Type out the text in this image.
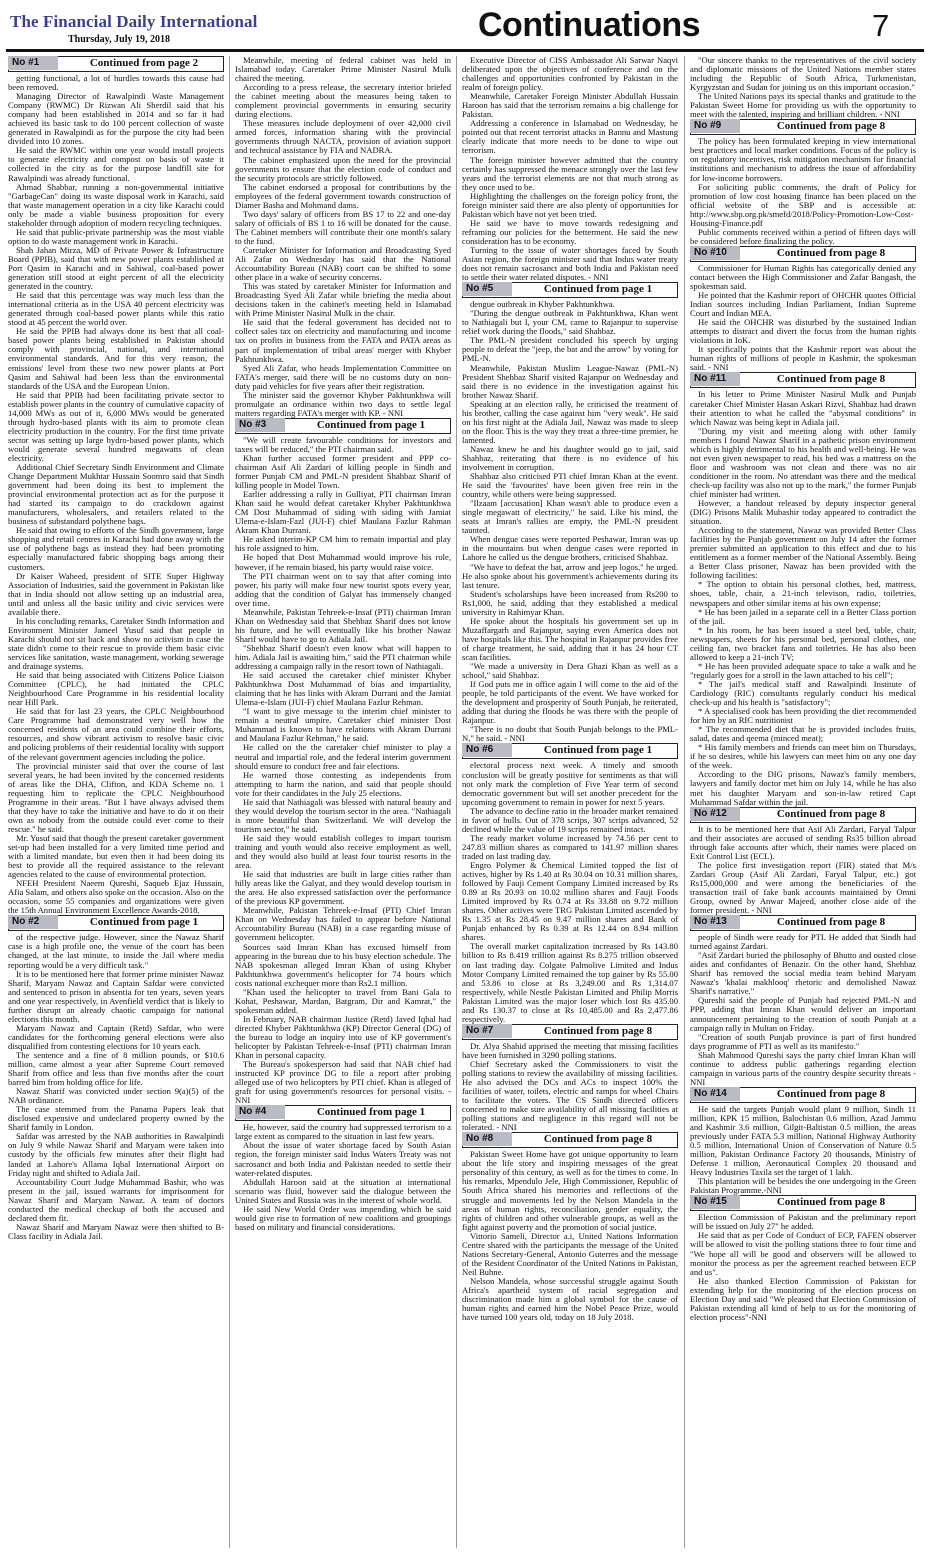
The Financial Daily International
Thursday, July 19, 2018	Continuations	7
No #1	Continued from page 2

getting functional, a lot of hurdles towards this cause had been removed.

Managing Director of Rawalpindi Waste Management Company (RWMC) Dr Rizwan Ali Sherdil said that his company had been established in 2014 and so far it had achieved its basic task to do 100 percent collection of waste generated in Rawalpindi as for the purpose the city had been divided into 10 zones.

He said the RWMC within one year would install projects to generate electricity and compost on basis of waste it collected in the city as for the purpose landfill site for Rawalpindi was already functional.

Ahmad Shabbar, running a non-governmental initiative "GarbageCan" doing its waste disposal work in Karachi, said that waste management operation in a city like Karachi could only be made a viable business proposition for every stakeholder through adoption of modern recycling techniques.

He said that public-private partnership was the most viable option to do waste management work in Karachi.

Shah Jahan Mirza, MD of Private Power & Infrastructure Board (PPIB), said that with new power plants established at Port Qasim in Karachi and in Sahiwal, coal-based power generation still stood at eight percent of all the electricity generated in the country.

He said that this percentage was way much less than the international criteria as in the USA 40 percent electricity was generated through coal-based power plants while this ratio stood at 45 percent the world over.

He said the PPIB had always done its best that all coal-based power plants being established in Pakistan should comply with provincial, national, and international environmental standards. And for this very reason, the emissions' level from these two new power plants at Port Qasim and Sahiwal had been less than the environmental standards of the USA and the European Union.

He said that PPIB had been facilitating private sector to establish power plants in the country of cumulative capacity of 14,000 MWs as out of it, 6,000 MWs would be generated through hydro-based plants with its aim to promote clean electricity production in the country. For the first time private sector was setting up large hydro-based power plants, which would generate several hundred megawatts of clean electricity.

Additional Chief Secretary Sindh Environment and Climate Change Department Mukhtar Hussain Soomro said that Sindh government had been doing its best to implement the provincial environmental protection act as for the purpose it had started its campaign to do crackdown against manufacturers, wholesalers, and retailers related to the business of substandard polythene bags.

He said that owing to efforts of the Sindh government, large shopping and retail centres in Karachi had done away with the use of polythene bags as instead they had been promoting especially manufactured fabric shopping bags among their customers.

Dr Kaiser Waheed, president of SITE Super Highway Association of Industries, said the government in Pakistan like that in India should not allow setting up an industrial area, until and unless all the basic utility and civic services were available there.

In his concluding remarks, Caretaker Sindh Information and Environment Minister Jameel Yusuf said that people in Karachi should not sit back and show no activism in case the state didn't come to their rescue to provide them basic civic services like sanitation, waste management, working sewerage and drainage systems.

He said that being associated with Citizens Police Liaison Committee (CPLC), he had initiated the CPLC Neighbourhood Care Programme in his residential locality near Hill Park.

He said that for last 23 years, the CPLC Neighbourhood Care Programme had demonstrated very well how the concerned residents of an area could combine their efforts, resources, and show vibrant activism to resolve basic civic and policing problems of their residential locality with support of the relevant government agencies including the police.

The provincial minister said that over the course of last several years, he had been invited by the concerned residents of areas like the DHA, Clifton, and KDA Scheme no. 1 requesting him to replicate the CPLC Neighbourhood Programme in their areas. "But I have always advised them that they have to take the initiative and have to do it on their own as nobody from the outside could ever come to their rescue." he said.

Mr. Yusuf said that though the present caretaker government set-up had been installed for a very limited time period and with a limited mandate, but even then it had been doing its best to provide all the required assistance to the relevant agencies related to the cause of environmental protection.

NFEH President Naeem Qureshi, Saqueb Ejaz Hussain, Afia Salam, and others also spoke on the occasion. Also on the occasion, some 55 companies and organizations were given the 15th Annual Environment Excellence Awards-2018.

No #2	Continued from page 1

of the respective judge. However, since the Nawaz Sharif case is a high profile one, the venue of the court has been changed, at the last minute, to inside the Jail where media reporting would be a very difficult task."

It is to be mentioned here that former prime minister Nawaz Sharif, Maryam Nawaz and Captain Safdar were convicted and sentenced to prison in absentia for ten years, seven years and one year respectively, in Avenfield verdict that is likely to further disrupt an already chaotic campaign for national elections this month.

Maryam Nawaz and Captain (Retd) Safdar, who were candidates for the forthcoming general elections were also disqualified from contesting elections for 10 years each.

The sentence and a fine of 8 million pounds, or $10.6 million, came almost a year after Supreme Court removed Sharif from office and less than five months after the court barred him from holding office for life.

Nawaz Sharif was convicted under section 9(a)(5) of the NAB ordinance.

The case stemmed from the Panama Papers leak that disclosed expensive and undeclared property owned by the Sharif family in London.

Safdar was arrested by the NAB authorities in Rawalpindi on July 9 while Nawaz Sharif and Maryam were taken into custody by the officials few minutes after their flight had landed at Lahore's Allama Iqbal International Airport on Friday night and shifted to Adiala Jail.

Accountability Court Judge Muhammad Bashir, who was present in the jail, issued warrants for imprisonment for Nawaz Sharif and Maryam Nawaz. A team of doctors conducted the medical checkup of both the accused and declared them fit.

Nawaz Sharif and Maryam Nawaz were then shifted to B-Class facility in Adiala Jail.

Meanwhile, meeting of federal cabinet was held in Islamabad today. Caretaker Prime Minister Nasirul Mulk chaired the meeting.

According to a press release, the secretary interior briefed the cabinet meeting about the measures being taken to complement provincial governments in ensuring security during elections.

These measures include deployment of over 42,000 civil armed forces, information sharing with the provincial governments through NACTA, provision of aviation support and technical assistance by FIA and NADRA.

The cabinet emphasized upon the need for the provincial governments to ensure that the election code of conduct and the security protocols are strictly followed.

The cabinet endorsed a proposal for contributions by the employees of the federal government towards construction of Diamer Basha and Mohmand dams.

Two days' salary of officers from BS 17 to 22 and one-day salary of officials of BS 1 to 16 will be donated for the cause. The Cabinet members will contribute their one month's salary to the fund.

Caretaker Minister for Information and Broadcasting Syed Ali Zafar on Wednesday has said that the National Accountability Bureau (NAB) court can be shifted to some other place in a wake of security concerns.

This was stated by caretaker Minister for Information and Broadcasting Syed Ali Zafar while briefing the media about decisions taken in the cabinet's meeting held in Islamabad with Prime Minister Nasirul Mulk in the chair.

He said that the federal government has decided not to collect sales tax on electricity and manufacturing and income tax on profits in business from the FATA and PATA areas as part of implementation of tribal areas' merger with Khyber Pakhtunkhwa.

Syed Ali Zafar, who heads Implementation Committee on FATA's merger, said there will be no customs duty on non-duty paid vehicles for five years after their registration.

The minister said the governor Khyber Pakhtunkhwa will promulgate an ordinance within two days to settle legal matters regarding FATA's merger with KP. - NNI

No #3	Continued from page 1

"We will create favourable conditions for investors and taxes will be reduced," the PTI chairman said.

Khan further accused former president and PPP co-chairman Asif Ali Zardari of killing people in Sindh and former Punjab CM and PML-N president Shahbaz Sharif of killing people in Model Town.

Earlier addressing a rally in Gulliyat, PTI chairman Imran Khan said he would defeat caretaker Khyber Pakhtunkhwa CM Dost Muhammad of siding with siding with Jamiat Ulema-e-Islam-Fazl (JUI-F) chief Maulana Fazlur Rahman Akram Khan Durrani.

He asked interim-KP CM him to remain impartial and play his role assigned to him.

He hoped that Dost Muhammad would improve his role, however, if he remain biased, his party would raise voice.

The PTI chairman went on to say that after coming into power, his party will make four new tourist spots every year, adding that the condition of Galyat has immensely changed over time.

Meanwhile, Pakistan Tehreek-e-Insaf (PTI) chairman Imran Khan on Wednesday said that Shehbaz Sharif does not know his future, and he will eventually like his brother Nawaz Sharif would have to go to Adiala Jail.

"Shehbaz Sharif doesn't even know what will happen to him. Adiala Jail is awaiting him," said the PTI chairman while addressing a campaign rally in the resort town of Nathiagali.

He said accused the caretaker chief minister Khyber Pakhtunkhwa Dost Muhammad of bias and impartiality, claiming that he has links with Akram Durrani and the Jamiat Ulema-e-Islam (JUI-F) chief Maulana Fazlur Rehman.

"I want to give message to the interim chief minister to remain a neutral umpire. Caretaker chief minister Dost Muhammad is known to have relations with Akram Durrani and Maulana Fazlur Rehman," he said.

He called on the the caretaker chief minister to play a neutral and impartial role, and the federal interim government should ensure to conduct free and fair elections.

He warned those contesting as independents from attempting to harm the nation, and said that people should vote for their candidates in the July 25 elections.

He said that Nathiagali was blessed with natural beauty and they would develop the tourism sector in the area. "Nathiagali is more beautiful than Switzerland. We will develop the tourism sector," he said.

He said they would establish colleges to impart tourism training and youth would also receive employment as well, and they would also build at least four tourist resorts in the area.

He said that industries are built in large cities rather than hilly areas like the Galyat, and they would develop tourism in the area. He also expressed satisfaction over the performance of the previous KP government.

Meanwhile, Pakistan Tehreek-e-Insaf (PTI) Chief Imran Khan on Wednesday has failed to appear before National Accountability Bureau (NAB) in a case regarding misuse of government helicopter.

Sources said Imran Khan has excused himself from appearing in the bureau due to his busy election schedule. The NAB spokesman alleged Imran Khan of using Khyber Pakhtunkhwa government's helicopter for 74 hours which costs national exchequer more than Rs2.1 million.

"Khan used the helicopter to travel from Bani Gala to Kohat, Peshawar, Mardan, Batgram, Dir and Kamrat," the spokesman added.

In February, NAB chairman Justice (Retd) Javed Iqbal had directed Khyber Pakhtunkhwa (KP) Director General (DG) of the bureau to lodge an inquiry into use of KP government's helicopter by Pakistan Tehreek-e-Insaf (PTI) chairman Imran Khan in personal capacity.

The Bureau's spokesperson had said that NAB chief had instructed KP province DG to file a report after probing alleged use of two helicopters by PTI chief. Khan is alleged of graft for using government's resources for personal visits. - NNI

No #4	Continued from page 1

He, however, said the country had suppressed terrorism to a large extent as compared to the situation in last few years.

About the issue of water shortage faced by South Asian region, the foreign minister said Indus Waters Treaty was not sacrosanct and both India and Pakistan needed to settle their water-related disputes.

Abdullah Haroon said at the situation at international scenario was fluid, however said the dialogue between the United States and Russia was in the interest of whole world.

He said New World Order was impending which he said would give rise to formation of new coalitions and groupings based on military and financial considerations.

Executive Director of CISS Ambassador Ali Sarwar Naqvi deliberated upon the objectives of conference and on the challenges and opportunities confronted by Pakistan in the realm of foreign policy.

Meanwhile, Caretaker Foreign Minister Abdullah Hussain Haroon has said that the terrorism remains a big challenge for Pakistan.

Addressing a conference in Islamabad on Wednesday, he pointed out that recent terrorist attacks in Bannu and Mastung clearly indicate that more needs to be done to wipe out terrorism.

The foreign minister however admitted that the country certainly has suppressed the menace strongly over the last few years and the terrorist elements are not that much strong as they once used to be.

Highlighting the challenges on the foreign policy front, the foreign minister said there are also plenty of opportunities for Pakistan which have not yet been tried.

He said we have to move towards redesigning and reframing our policies for the betterment. He said the new consideration has to be economy.

Turning to the issue of water shortages faced by South Asian region, the foreign minister said that Indus water treaty does not remain sacrosanct and both India and Pakistan need to settle their water related disputes. - NNI

No #5	Continued from page 1

dengue outbreak in Khyber Pakhtunkhwa.

"During the dengue outbreak in Pakhtunkhwa, Khan went to Nathiagali but I, your CM, came to Rajanpur to supervise relief work during the floods," said Shahbaz.

The PML-N president concluded his speech by urging people to defeat the "jeep, the bat and the arrow" by voting for PML-N.

Meanwhile, Pakistan Muslim League-Nawaz (PML-N) President Shehbaz Sharif visited Rajanpur on Wednesday and said there is no evidence in the investigation against his brother Nawaz Sharif.

Speaking at an election rally, he criticised the treatment of his brother, calling the case against him "very weak". He said on his first night at the Adiala Jail, Nawaz was made to sleep on the floor. This is the way they treat a three-time premier, he lamented.

Nawaz knew he and his daughter would go to jail, said Shahbaz, reiterating that there is no evidence of his involvement in corruption.

Shahbaz also criticised PTI chief Imran Khan at the event. He said the 'favourites' have been given free rein in the country, while others were being suppressed.

"Ilzaam [accusation] Khan wasn't able to produce even a single megawatt of electricity," he said. Like his mind, the seats at Imran's rallies are empty, the PML-N president taunted.

When dengue cases were reported Peshawar, Imran was up in the mountains but when dengue cases were reported in Lahore he called us the dengue brothers, criticised Shahbaz.

"We have to defeat the bat, arrow and jeep logos," he urged. He also spoke about his government's achievements during its last tenure.

Student's scholarships have been increased from Rs200 to Rs1,000, he said, adding that they established a medical university in Rahimyar Khan.

He spoke about the hospitals his government set up in Muzaffargarh and Rajanpur, saying even America does not have hospitals like this. The hospital in Rajanpur provides free of charge treatment, he said, adding that it has 24 hour CT scan facilities.

"We made a university in Dera Ghazi Khan as well as a school," said Shahbaz.

If God puts me in office again I will come to the aid of the people, he told participants of the event. We have worked for the development and prosperity of South Punjab, he reiterated, adding that during the floods he was there with the people of Rajanpur.

"There is no doubt that South Punjab belongs to the PML-N," he said. - NNI

No #6	Continued from page 1

electoral process next week. A timely and smooth conclusion will be greatly positive for sentiments as that will not only mark the completion of Five Year term of second democratic government but will set another precedent for the upcoming government to remain in power for next 5 years.

The advance to decline ratio in the broader market remained in favor of bulls. Out of 378 scrips, 307 scrips advanced, 52 declined while the value of 19 scrips remained intact.

The ready market volume increased by 74.56 per cent to 247.83 million shares as compared to 141.97 million shares traded on last trading day.

Engro Polymer & Chemical Limited topped the list of actives, higher by Rs 1.40 at Rs 30.04 on 10.31 million shares, followed by Fauji Cement Company Limited increased by Rs 0.89 at Rs 20.93 on 10.02 million shares and Fauji Foods Limited improved by Rs 0.74 at Rs 33.88 on 9.72 million shares. Other actives were TRG Pakistan Limited ascended by Rs 1.35 at Rs 28.45 on 9.47 million shares and Bank of Punjab enhanced by Rs 0.39 at Rs 12.44 on 8.94 million shares.

The overall market capitalization increased by Rs 143.80 billion to Rs 8.419 trillion against Rs 8.275 trillion observed on last trading day. Colgate Palmolive Limited and Indus Motor Company Limited remained the top gainer by Rs 55.00 and 53.86 to close at Rs 3,249.00 and Rs 1,314.07 respectively, while Nestle Pakistan Limited and Philip Morris Pakistan Limited was the major loser which lost Rs 435.00 and Rs 130.37 to close at Rs 10,485.00 and Rs 2,477.86 respectively.

No #7	Continued from page 8

Dr. Alya Shahid apprised the meeting that missing facilities have been furnished in 3290 polling stations.

Chief Secretary asked the Commissioners to visit the polling stations to review the availability of missing facilities. He also advised the DCs and ACs to inspect 100% the facilities of water, toilets, electric and ramps for wheel Chairs to facilitate the voters. The CS Sindh directed officers concerned to make sure availability of all missing facilities at polling stations and negligence in this regard will not be tolerated. - NNI

No #8	Continued from page 8

Pakistan Sweet Home have got unique opportunity to learn about the life story and inspiring messages of the great personality of this century, as well as for the times to come. In his remarks, Mpendulo Jele, High Commissioner, Republic of South Africa shared his memories and reflections of the struggle and movements led by the Nelson Mandela in the areas of human rights, reconciliation, gender equality, the rights of children and other vulnerable groups, as well as the fight against poverty and the promotion of social justice.

Vittorio Sameli, Director a.i, United Nations Information Centre shared with the participants the message of the United Nations Secretary-General, Antonio Guterres and the message of the Resident Coordinator of the United Nations in Pakistan, Neil Buhne.

Nelson Mandela, whose successful struggle against South Africa's apartheid system of racial segregation and discrimination made him a global symbol for the cause of human rights and earned him the Nobel Peace Prize, would have turned 100 years old, today on 18 July 2018.

"Our sincere thanks to the representatives of the civil society and diplomatic missions of the United Nations member states including the Republic of South Africa, Turkmenistan, Kyrgyzstan and Sudan for joining us on this important occasion."

The United Nations pays its special thanks and gratitude to the Pakistan Sweet Home for providing us with the opportunity to meet with the talented, inspiring and brilliant children. - NNI

No #9	Continued from page 8

The policy has been formulated keeping in view international best practices and local market conditions. Focus of the policy is on regulatory incentives, risk mitigation mechanism for financial institutions and mechanism to address the issue of affordability for low-income borrowers.

For soliciting public comments, the draft of Policy for promotion of low cost housing finance has been placed on the official website of the SBP and is accessible at: http://www.sbp.org.pk/smefd/2018/Policy-Promotion-Low-Cost-Housing-Finance.pdf

Public comments received within a period of fifteen days will be considered before finalizing the policy.

No #10	Continued from page 8

Commissioner for Human Rights has categorically denied any contact between the High Commissioner and Zafar Bangash, the spokesman said.

He pointed that the Kashmir report of OHCHR quotes Official Indian sources including Indian Parliament, Indian Supreme Court and Indian MEA.

He said the OHCHR was disturbed by the sustained Indian attempts to distract and divert the focus from the human rights violations in IoK.

It specifically points that the Kashmir report was about the human rights of millions of people in Kashmir, the spokesman said. - NNI

No #11	Continued from page 8

In his letter to Prime Minister Nasirul Mulk and Punjab caretaker Chief Minister Hasan Askari Rizvi, Shahbaz had drawn their attention to what he called the "abysmal conditions" in which Nawaz was being kept in Adiala jail.

"During my visit and meeting along with other family members I found Nawaz Sharif in a pathetic prison environment which is highly detrimental to his health and well-being. He was not even given newspaper to read, his bed was a mattress on the floor and washroom was not clean and there was no air conditioner in the room. No attendant was there and the medical check-up facility was also not up to the mark," the former Punjab chief minister had written.

However, a handout released by deputy inspector general (DIG) Prisons Malik Mubashir today appeared to contradict the situation.

According to the statement, Nawaz was provided Better Class facilities by the Punjab government on July 14 after the former premier submitted an application to this effect and due to his entitlement as a former member of the National Assembly. Being a Better Class prisoner, Nawaz has been provided with the following facilities:

* The option to obtain his personal clothes, bed, mattress, shoes, table, chair, a 21-inch televison, radio, toiletries, newspapers and other similar items at his own expense;

* He has been jailed in a separate cell in a Better Class portion of the jail.

* In his room, he has been issued a steel bed, table, chair, newspapers, sheets for his personal bed, personal clothes, one ceiling fan, two bracket fans and toiletries. He has also been allowed to keep a 21-inch TV;

* He has been provided adequate space to take a walk and he "regularly goes for a stroll in the lawn attached to his cell";

* The jail's medical staff and Rawalpindi Institute of Cardiology (RIC) consultants regularly conduct his medical check-up and his health is "satisfactory";

* A specialised cook has been providing the diet recommended for him by an RIC nutritionist

* The recommended diet that he is provided includes fruits, salad, dates and qeema (minced meat);

* His family members and friends can meet him on Thursdays, if he so desires, while his lawyers can meet him on any one day of the week.

According to the DIG prisons, Nawaz's family members, lawyers and family doctor met him on July 14, while he has also met his daughter Maryam and son-in-law retired Capt Muhammad Safdar within the jail.

No #12	Continued from page 8

It is to be mentioned here that Asif Ali Zardari, Faryal Talpur and their associates are accused of sending Rs35 billion abroad through fake accounts after which, their names were placed on Exit Control List (ECL).

The police first investigation report (FIR) stated that M/s Zardari Group (Asif Ali Zardari, Faryal Talpur, etc.) got Rs15,000,000 and were among the beneficiaries of the transaction trail of fake bank accounts maintained by Omni Group, owned by Anwar Majeed, another close aide of the former president. - NNI

No #13	Continued from page 8

people of Sindh were ready for PTI. He added that Sindh had turned against Zardari.

"Asif Zardari buried the philosophy of Bhutto and ousted close aides and confidantes of Benazir. On the other hand, Shehbaz Sharif has removed the social media team behind Maryam Nawaz's 'khalai makhlooq' rhetoric and demolished Nawaz Sharif's narrative."

Qureshi said the people of Punjab had rejected PML-N and PPP, adding that Imran Khan would deliver an important announcement pertaining to the creation of south Punjab at a campaign rally in Multan on Friday.

"Creation of south Punjab province is part of first hundred days programme of PTI as well as its manifesto."

Shah Mahmood Qureshi says the party chief Imran Khan will continue to address public gatherings regarding election campaign in various parts of the country despite security threats -NNI

No #14	Continued from page 8

He said the targets Punjab would plant 9 million, Sindh 11 million, KPK 15 million, Balochistan 0.6 million, Azad Jammu and Kashmir 3.6 million, Gilgit-Baltistan 0.5 million, the areas previously under FATA 5.3 million, National Highway Authority 0.5 million, International Union of Conservation of Nature 0.5 million, Pakistan Ordinance Factory 20 thousands, Ministry of Defense 1 million, Aeronautical Complex 20 thousand and Heavy Industries Taxila set the target of 1 lakh.

This plantation will be besides the one undergoing in the Green Pakistan Programme.-NNI

No #15	Continued from page 8

Election Commission of Pakistan and the preliminary report will be issued on July 27" he added.

He said that as per Code of Conduct of ECP, FAFEN observer will be allowed to visit the polling stations three to four time and "We hope all will be good and observers will be allowed to monitor the process as per the agreement reached between ECP and us".

He also thanked Election Commission of Pakistan for extending help for the monitoring of the election process on Election Day and said "We pleased that Election Commission of Pakistan extending all kind of help to us for the monitoring of election process"-NNI
